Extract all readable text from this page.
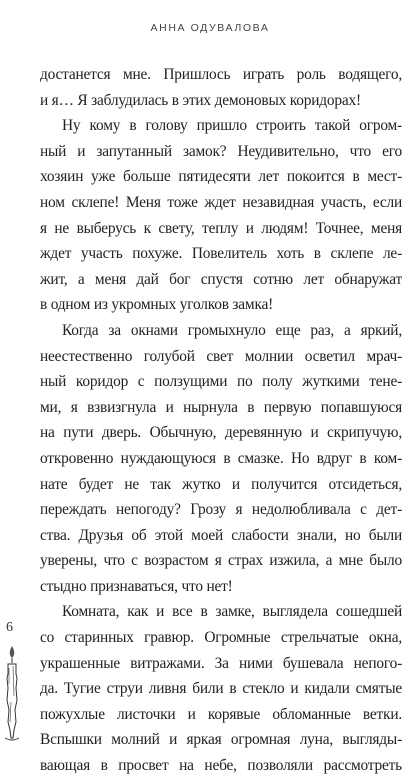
АННА ОДУВАЛОВА
достанется мне. Пришлось играть роль водящего,
и я… Я заблудилась в этих демоновых коридорах!
Ну кому в голову пришло строить такой огром-
ный и запутанный замок? Неудивительно, что его
хозяин уже больше пятидесяти лет покоится в мест-
ном склепе! Меня тоже ждет незавидная участь, если
я не выберусь к свету, теплу и людям! Точнее, меня
ждет участь похуже. Повелитель хоть в склепе ле-
жит, а меня дай бог спустя сотню лет обнаружат
в одном из укромных уголков замка!
Когда за окнами громыхнуло еще раз, а яркий,
неестественно голубой свет молнии осветил мрач-
ный коридор с ползущими по полу жуткими тене-
ми, я взвизгнула и нырнула в первую попавшуюся
на пути дверь. Обычную, деревянную и скрипучую,
откровенно нуждающуюся в смазке. Но вдруг в ком-
нате будет не так жутко и получится отсидеться,
переждать непогоду? Грозу я недолюбливала с дет-
ства. Друзья об этой моей слабости знали, но были
уверены, что с возрастом я страх изжила, а мне было
стыдно признаваться, что нет!
Комната, как и все в замке, выглядела сошедшей
со старинных гравюр. Огромные стрельчатые окна,
украшенные витражами. За ними бушевала непого-
да. Тугие струи ливня били в стекло и кидали смятые
пожухлые листочки и корявые обломанные ветки.
Вспышки молний и яркая огромная луна, выгляды-
вающая в просвет на небе, позволяли рассмотреть
6
